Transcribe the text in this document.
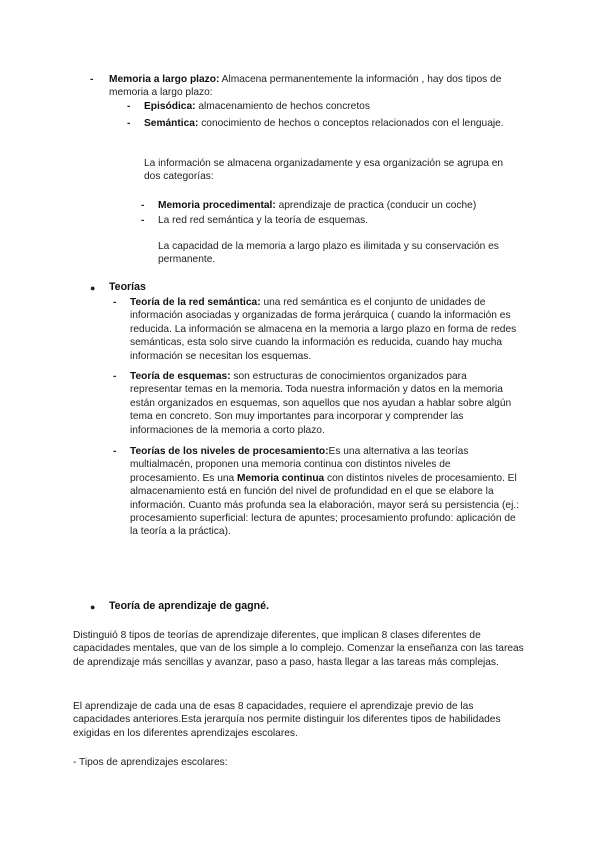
- Memoria a largo plazo: Almacena permanentemente la información , hay dos tipos de memoria a largo plazo:
- Episódica: almacenamiento de hechos concretos
- Semántica: conocimiento de hechos o conceptos relacionados con el lenguaje.
La información se almacena organizadamente y esa organización se agrupa en dos categorías:
- Memoria procedimental: aprendizaje de practica (conducir un coche)
- La red red semántica y la teoría de esquemas.
La capacidad de la memoria a largo plazo es ilimitada y su conservación es permanente.
● Teorías
- Teoría de la red semántica: una red semántica es el conjunto de unidades de información asociadas y organizadas de forma jerárquica ( cuando la información es reducida. La información se almacena en la memoria a largo plazo en forma de redes semánticas, esta solo sirve cuando la información es reducida, cuando hay mucha información se necesitan los esquemas.
- Teoría de esquemas: son estructuras de conocimientos organizados para representar temas en la memoria. Toda nuestra información y datos en la memoria están organizados en esquemas, son aquellos que nos ayudan a hablar sobre algún tema en concreto. Son muy importantes para incorporar y comprender las informaciones de la memoria a corto plazo.
- Teorías de los niveles de procesamiento:Es una alternativa a las teorías multialmacén, proponen una memoria continua con distintos niveles de procesamiento. Es una Memoria continua con distintos niveles de procesamiento. El almacenamiento está en función del nivel de profundidad en el que se elabore la información. Cuanto más profunda sea la elaboración, mayor será su persistencia (ej.: procesamiento superficial: lectura de apuntes; procesamiento profundo: aplicación de la teoría a la práctica).
● Teoría de aprendizaje de gagné.
Distinguió 8 tipos de teorías de aprendizaje diferentes, que implican 8 clases diferentes de capacidades mentales, que van de los simple a lo complejo. Comenzar la enseñanza con las tareas de aprendizaje más sencillas y avanzar, paso a paso, hasta llegar a las tareas más complejas.
El aprendizaje de cada una de esas 8 capacidades, requiere el aprendizaje previo de las capacidades anteriores.Esta jerarquía nos permite distinguir los diferentes tipos de habilidades exigidas en los diferentes aprendizajes escolares.
- Tipos de aprendizajes escolares:
